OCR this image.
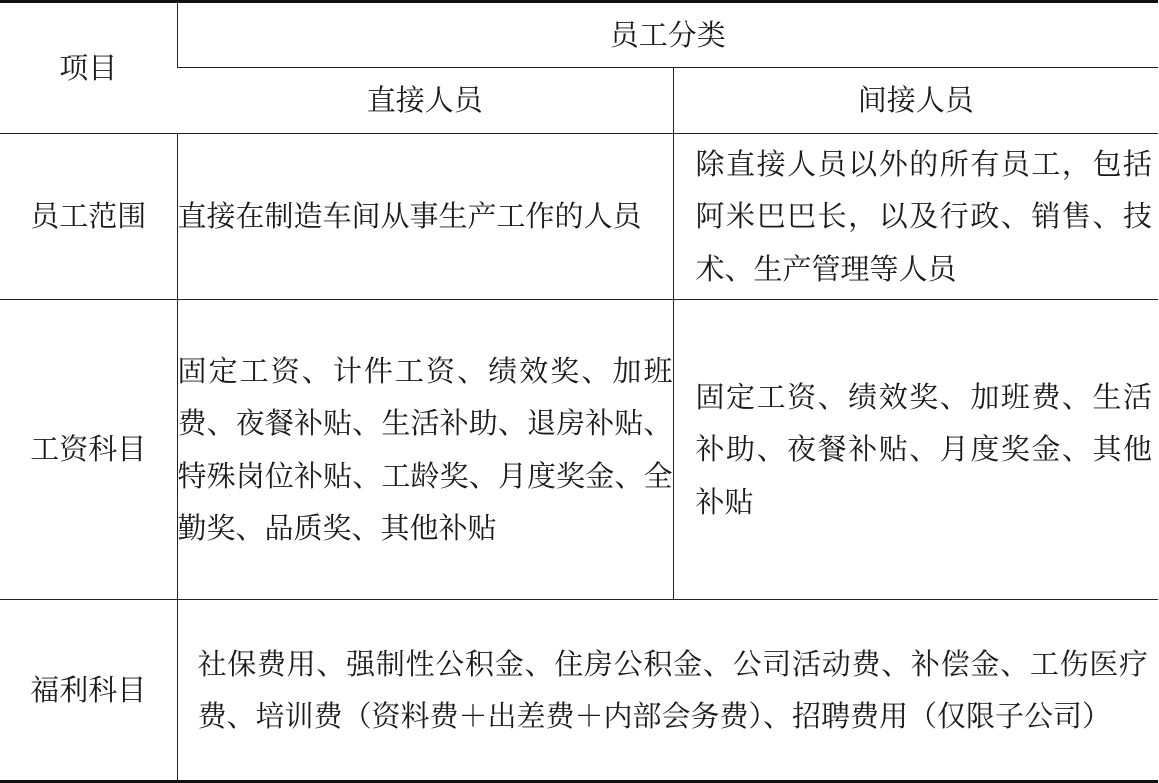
项目	员工分类	
	直接人员	间接人员
员工范围	直接在制造车间从事生产工作的人员	除直接人员以外的所有员工，包括阿米巴巴长，以及行政、销售、技术、生产管理等人员
工资科目	固定工资、计件工资、绩效奖、加班费、夜餐补贴、生活补助、退房补贴、特殊岗位补贴、工龄奖、月度奖金、全勤奖、品质奖、其他补贴	固定工资、绩效奖、加班费、生活补助、夜餐补贴、月度奖金、其他补贴
福利科目	社保费用、强制性公积金、住房公积金、公司活动费、补偿金、工伤医疗费、培训费（资料费＋出差费＋内部会务费）、招聘费用（仅限子公司）	
